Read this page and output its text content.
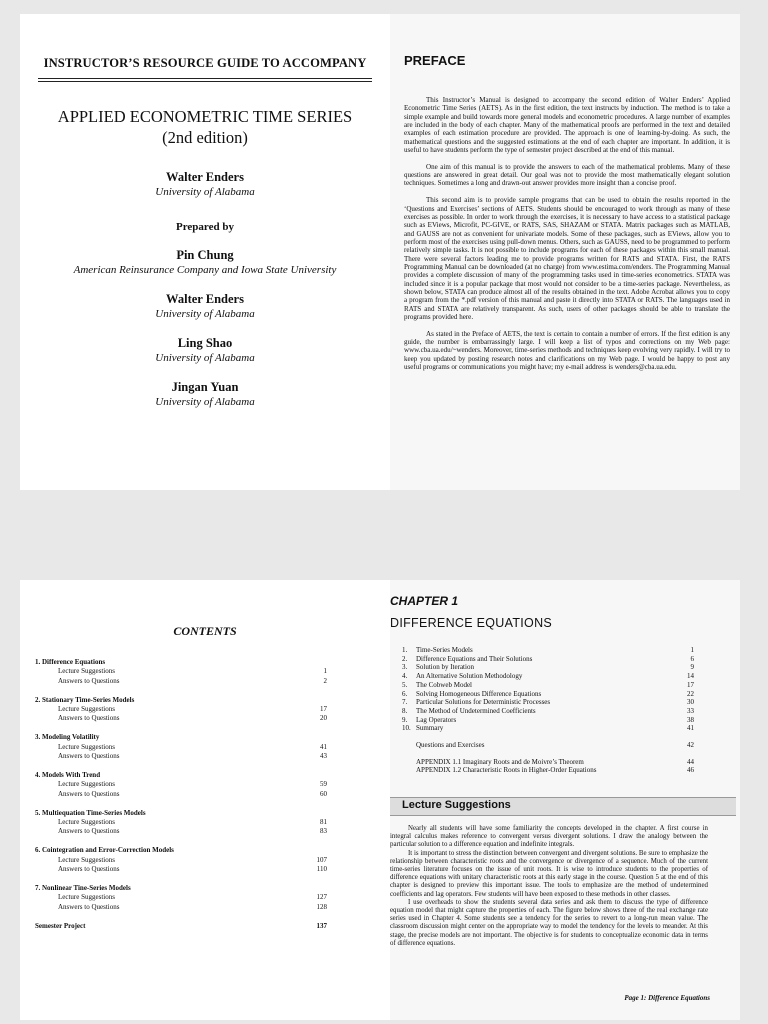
INSTRUCTOR’S RESOURCE GUIDE TO ACCOMPANY
APPLIED ECONOMETRIC TIME SERIES
(2nd edition)
Walter Enders
University of Alabama
Prepared by
Pin Chung
American Reinsurance Company and Iowa State University
Walter Enders
University of Alabama
Ling Shao
University of Alabama
Jingan Yuan
University of Alabama
PREFACE

This Instructor’s Manual is designed to accompany the second edition of Walter Enders’ Applied Econometric Time Series (AETS). As in the first edition, the text instructs by induction. The method is to take a simple example and build towards more general models and econometric procedures. A large number of examples are included in the body of each chapter. Many of the mathematical proofs are performed in the text and detailed examples of each estimation procedure are provided. The approach is one of learning-by-doing. As such, the mathematical questions and the suggested estimations at the end of each chapter are important. In addition, it is useful to have students perform the type of semester project described at the end of this manual.

One aim of this manual is to provide the answers to each of the mathematical problems. Many of these questions are answered in great detail. Our goal was not to provide the most mathematically elegant solution techniques. Sometimes a long and drawn-out answer provides more insight than a concise proof.

This second aim is to provide sample programs that can be used to obtain the results reported in the ‘Questions and Exercises’ sections of AETS. Students should be encouraged to work through as many of these exercises as possible. In order to work through the exercises, it is necessary to have access to a statistical package such as EViews, Microfit, PC-GIVE, or RATS, SAS, SHAZAM or STATA. Matrix packages such as MATLAB, and GAUSS are not as convenient for univariate models. Some of these packages, such as EViews, allow you to perform most of the exercises using pull-down menus. Others, such as GAUSS, need to be programmed to perform relatively simple tasks. It is not possible to include programs for each of these packages within this small manual. There were several factors leading me to provide programs written for RATS and STATA. First, the RATS Programming Manual can be downloaded (at no charge) from www.estima.com/enders. The Programming Manual provides a complete discussion of many of the programming tasks used in time-series econometrics. STATA was included since it is a popular package that most would not consider to be a time-series package. Nevertheless, as shown below, STATA can produce almost all of the results obtained in the text. Adobe Acrobat allows you to copy a program from the *.pdf version of this manual and paste it directly into STATA or RATS. The languages used in RATS and STATA are relatively transparent. As such, users of other packages should be able to translate the programs provided here.

As stated in the Preface of AETS, the text is certain to contain a number of errors. If the first edition is any guide, the number is embarrassingly large. I will keep a list of typos and corrections on my Web page: www.cba.ua.edu/~wenders. Moreover, time-series methods and techniques keep evolving very rapidly. I will try to keep you updated by posting research notes and clarifications on my Web page. I would be happy to post any useful programs or communications you might have; my e-mail address is wenders@cba.ua.edu.

CONTENTS
1. Difference Equations
Lecture Suggestions	1
Answers to Questions	2
2. Stationary Time-Series Models
Lecture Suggestions	17
Answers to Questions	20
3. Modeling Volatility
Lecture Suggestions	41
Answers to Questions	43
4. Models With Trend
Lecture Suggestions	59
Answers to Questions	60
5. Multiequation Time-Series Models
Lecture Suggestions	81
Answers to Questions	83
6. Cointegration and Error-Correction Models
Lecture Suggestions	107
Answers to Questions	110
7. Nonlinear Tine-Series Models
Lecture Suggestions	127
Answers to Questions	128
Semester Project	137
CHAPTER 1
DIFFERENCE EQUATIONS
1. Time-Series Models	1
2. Difference Equations and Their Solutions	6
3. Solution by Iteration	9
4. An Alternative Solution Methodology	14
5. The Cobweb Model	17
6. Solving Homogeneous Difference Equations	22
7. Particular Solutions for Deterministic Processes	30
8. The Method of Undetermined Coefficients	33
9. Lag Operators	38
10. Summary	41
Questions and Exercises	42
APPENDIX 1.1 Imaginary Roots and de Moivre’s Theorem	44
APPENDIX 1.2 Characteristic Roots in Higher-Order Equations	46
Lecture Suggestions

Nearly all students will have some familiarity the concepts developed in the chapter. A first course in integral calculus makes reference to convergent versus divergent solutions. I draw the analogy between the particular solution to a difference equation and indefinite integrals.

It is important to stress the distinction between convergent and divergent solutions. Be sure to emphasize the relationship between characteristic roots and the convergence or divergence of a sequence. Much of the current time-series literature focuses on the issue of unit roots. It is wise to introduce students to the properties of difference equations with unitary characteristic roots at this early stage in the course. Question 5 at the end of this chapter is designed to preview this important issue. The tools to emphasize are the method of undetermined coefficients and lag operators. Few students will have been exposed to these methods in other classes.

I use overheads to show the students several data series and ask them to discuss the type of difference equation model that might capture the properties of each. The figure below shows three of the real exchange rate series used in Chapter 4. Some students see a tendency for the series to revert to a long-run mean value. The classroom discussion might center on the appropriate way to model the tendency for the levels to meander. At this stage, the precise models are not important. The objective is for students to conceptualize economic data in terms of difference equations.

Page 1: Difference Equations
